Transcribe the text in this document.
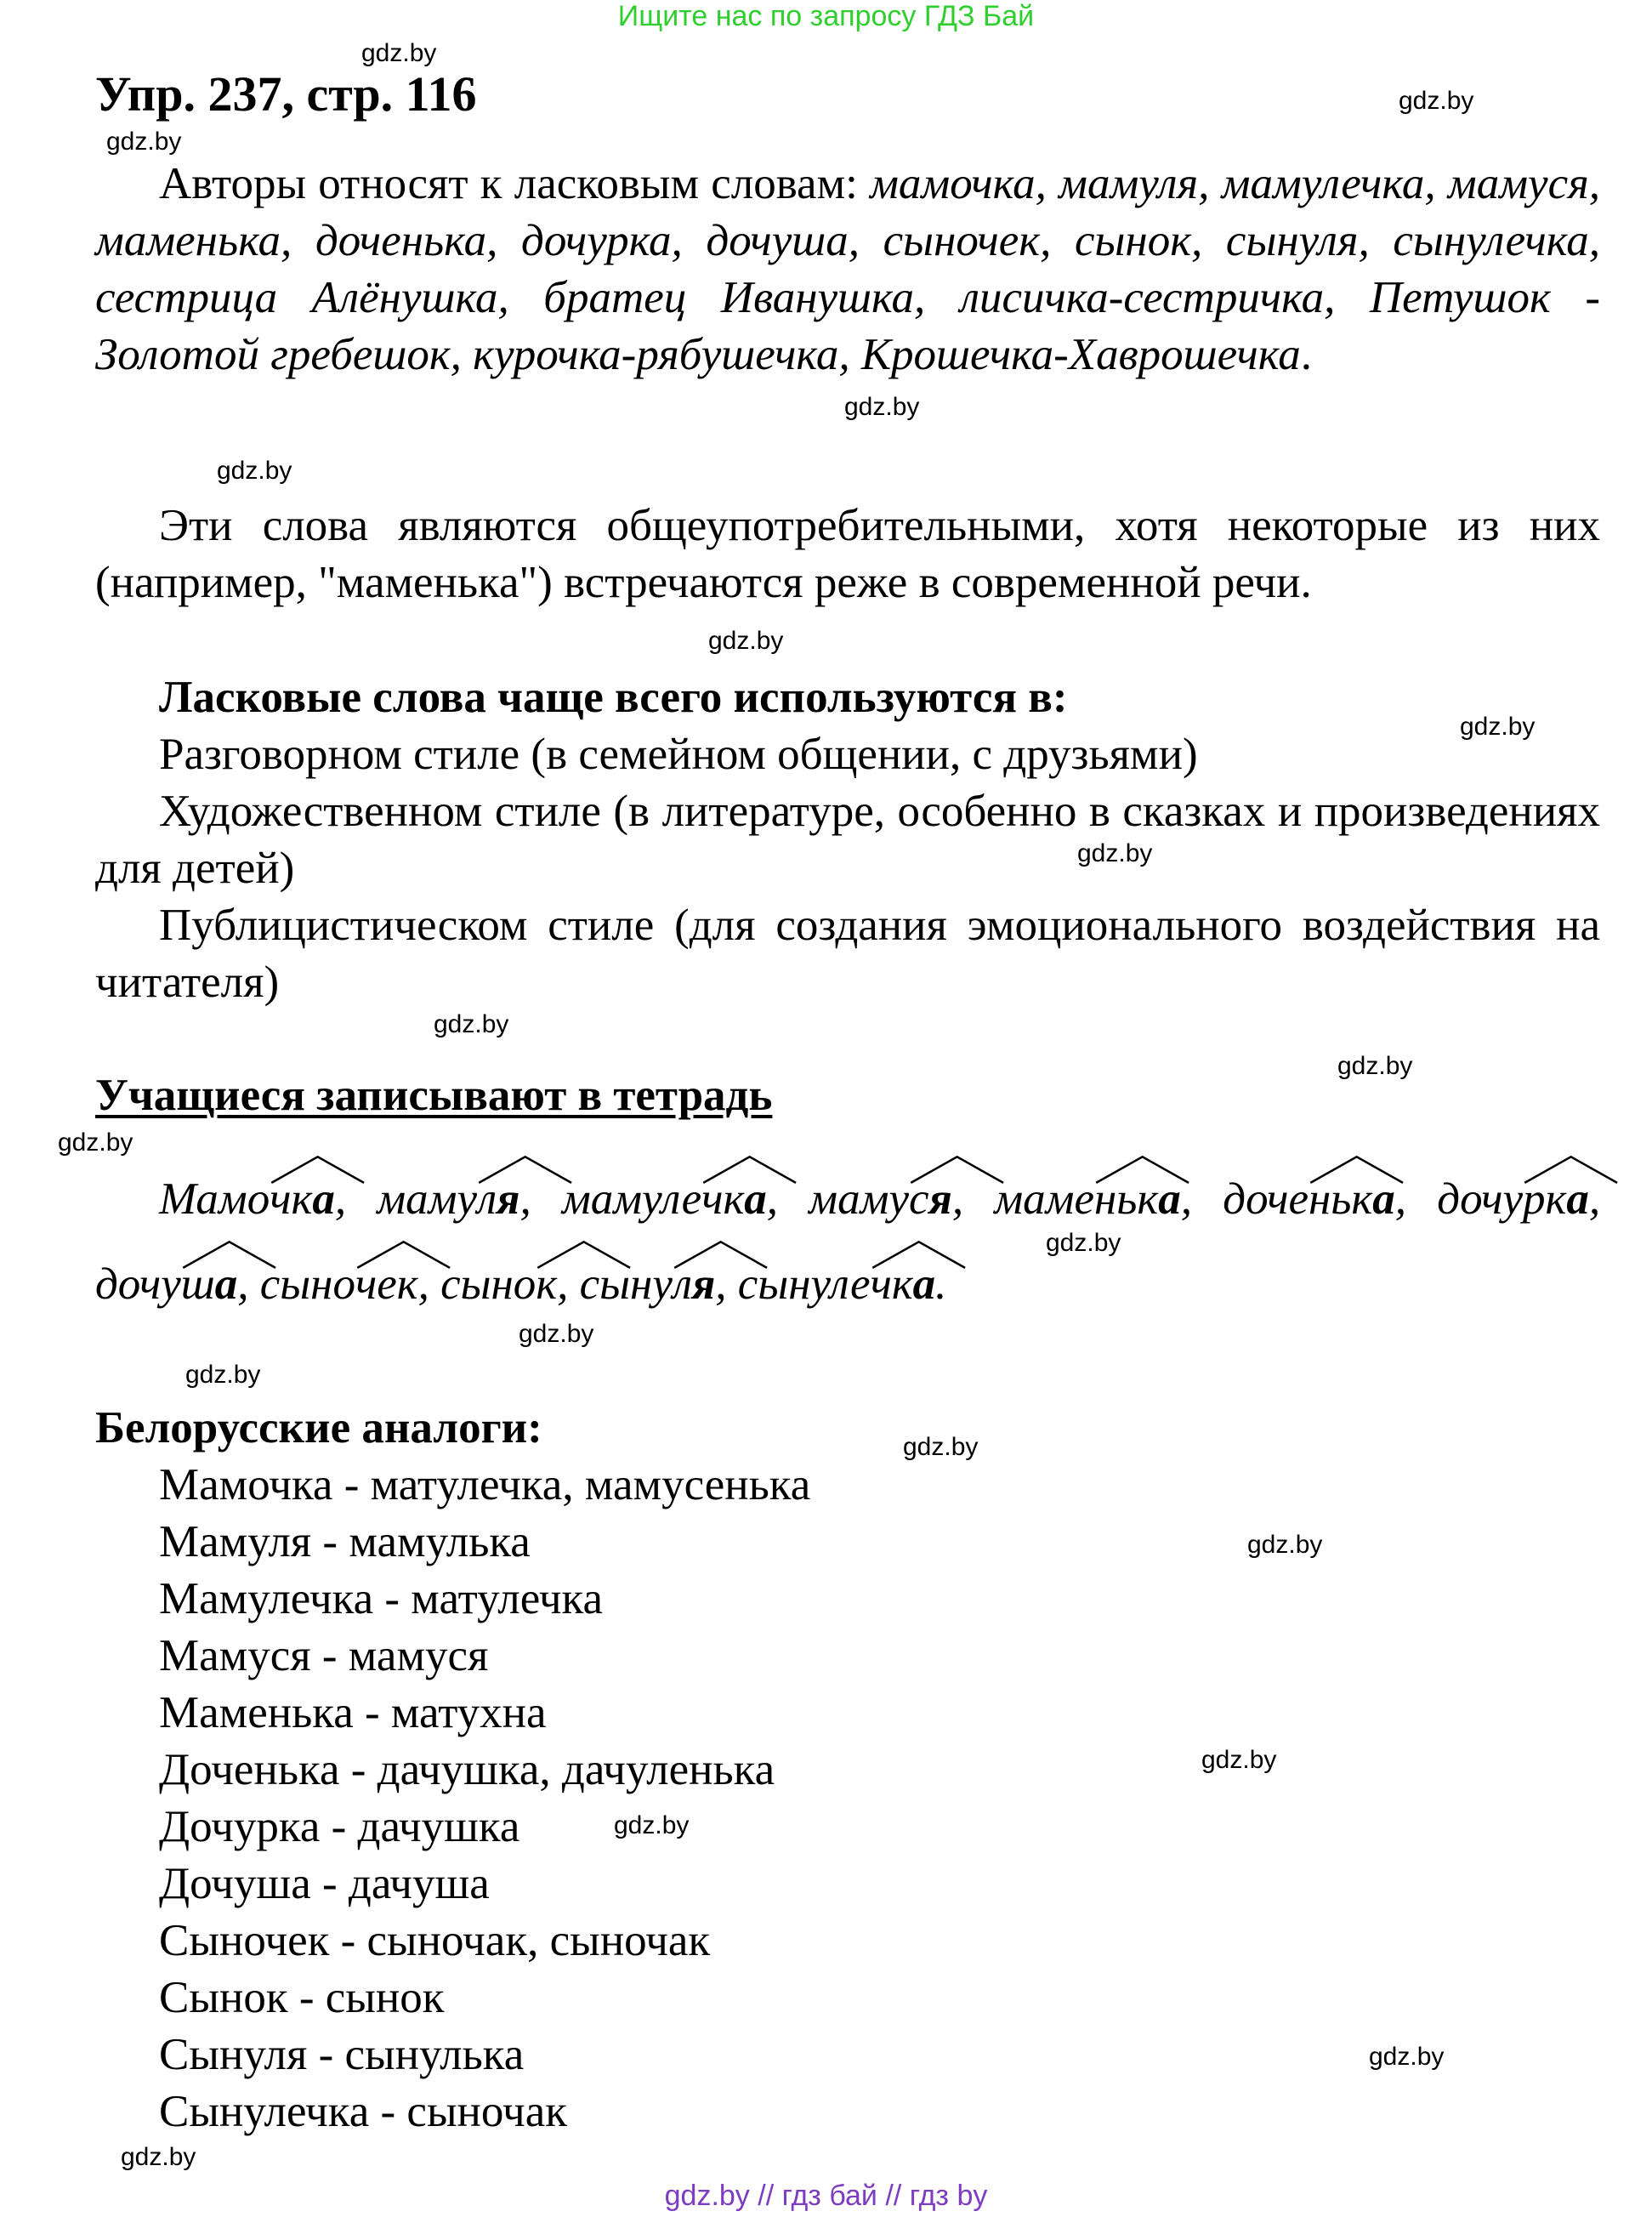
Ищите нас по запросу ГДЗ Бай
gdz.by
gdz.by
gdz.by
gdz.by
gdz.by
gdz.by
gdz.by
gdz.by
gdz.by
gdz.by
gdz.by
gdz.by
gdz.by
gdz.by
gdz.by
gdz.by
gdz.by
gdz.by
gdz.by
gdz.by
Упр. 237, стр. 116

Авторы относят к ласковым словам: мамочка, мамуля, мамулечка, мамуся, маменька, доченька, дочурка, дочуша, сыночек, сынок, сынуля, сынулечка, сестрица Алёнушка, братец Иванушка, лисичка-сестричка, Петушок - Золотой гребешок, курочка-рябушечка, Крошечка-Хаврошечка.

Эти слова являются общеупотребительными, хотя некоторые из них (например, "маменька") встречаются реже в современной речи.

Ласковые слова чаще всего используются в:

Разговорном стиле (в семейном общении, с друзьями)

Художественном стиле (в литературе, особенно в сказках и произведениях для детей)

Публицистическом стиле (для создания эмоционального воздействия на читателя)

Учащиеся записывают в тетрадь

Мамочк
а, мамул
я, мамулечк
а, мамус
я, маменьк
а, доченьк
а, дочурк
а, дочуш
а, сыночек
, сынок
, сынул
я, сынулечк
а.

Белорусские аналоги:
Мамочка - матулечка, мамусенька
Мамуля - мамулька
Мамулечка - матулечка
Мамуся - мамуся
Маменька - матухна
Доченька - дачушка, дачуленька
Дочурка - дачушка
Дочуша - дачуша
Сыночек - сыночак, сыночак
Сынок - сынок
Сынуля - сынулька
Сынулечка - сыночак
gdz.by // гдз бай // гдз by
